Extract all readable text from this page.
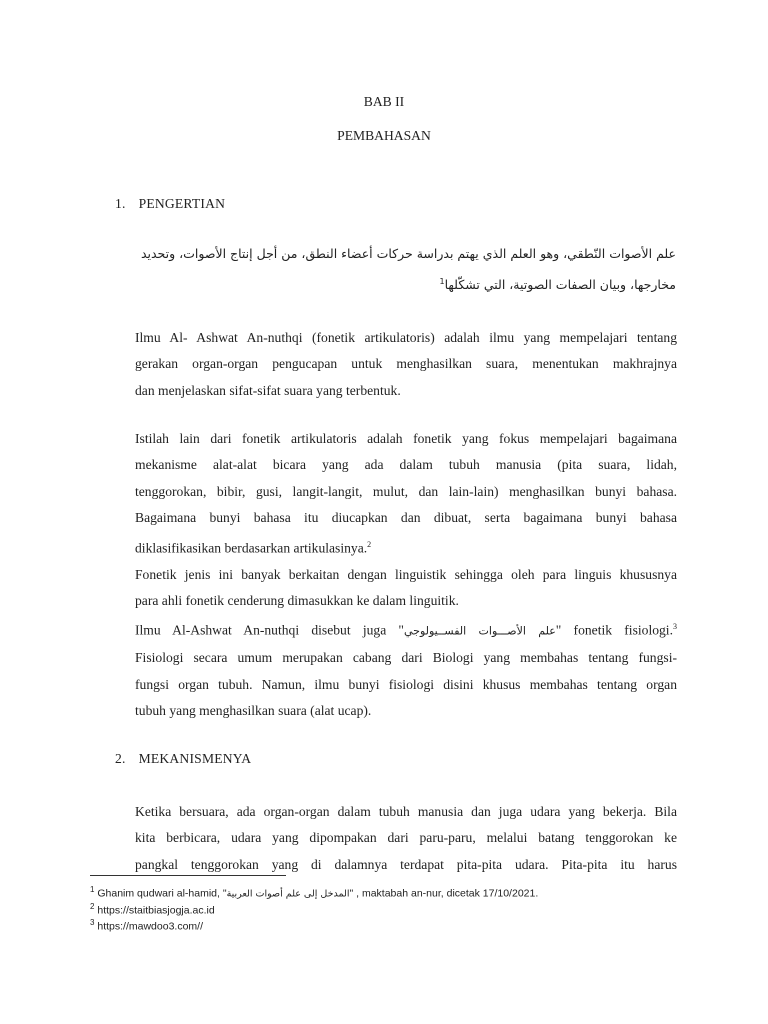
BAB II
PEMBAHASAN
1. PENGERTIAN
علم الأصوات النّطقي، وهو العلم الذي يهتم بدراسة حركات أعضاء النطق، من أجل إنتاج الأصوات، وتحديد
مخارجها، وبيان الصفات الصوتية، التي تشكّلها$^1$
Ilmu Al- Ashwat An-nuthqi (fonetik artikulatoris) adalah ilmu yang mempelajari tentang
gerakan organ-organ pengucapan untuk menghasilkan suara, menentukan makhrajnya
dan menjelaskan sifat-sifat suara yang terbentuk.
Istilah lain dari fonetik artikulatoris adalah fonetik yang fokus mempelajari bagaimana
mekanisme alat-alat bicara yang ada dalam tubuh manusia (pita suara, lidah,
tenggorokan, bibir, gusi, langit-langit, mulut, dan lain-lain) menghasilkan bunyi bahasa.
Bagaimana bunyi bahasa itu diucapkan dan dibuat, serta bagaimana bunyi bahasa
diklasifikasikan berdasarkan artikulasinya.$^2$
Fonetik jenis ini banyak berkaitan dengan linguistik sehingga oleh para linguis khususnya
para ahli fonetik cenderung dimasukkan ke dalam linguitik.
Ilmu Al-Ashwat An-nuthqi disebut juga "علم الأصـــوات الفســيولوجي" fonetik fisiologi.$^3$
Fisiologi secara umum merupakan cabang dari Biologi yang membahas tentang fungsi-
fungsi organ tubuh. Namun, ilmu bunyi fisiologi disini khusus membahas tentang organ
tubuh yang menghasilkan suara (alat ucap).
2. MEKANISMENYA
Ketika bersuara, ada organ-organ dalam tubuh manusia dan juga udara yang bekerja. Bila
kita berbicara, udara yang dipompakan dari paru-paru, melalui batang tenggorokan ke
pangkal tenggorokan yang di dalamnya terdapat pita-pita udara. Pita-pita itu harus
$^1$ Ghanim qudwari al-hamid, "المدخل إلى علم أصوات العربية" , maktabah an-nur, dicetak 17/10/2021.
$^2$ https://staitbiasjogja.ac.id
$^3$ https://mawdoo3.com//
